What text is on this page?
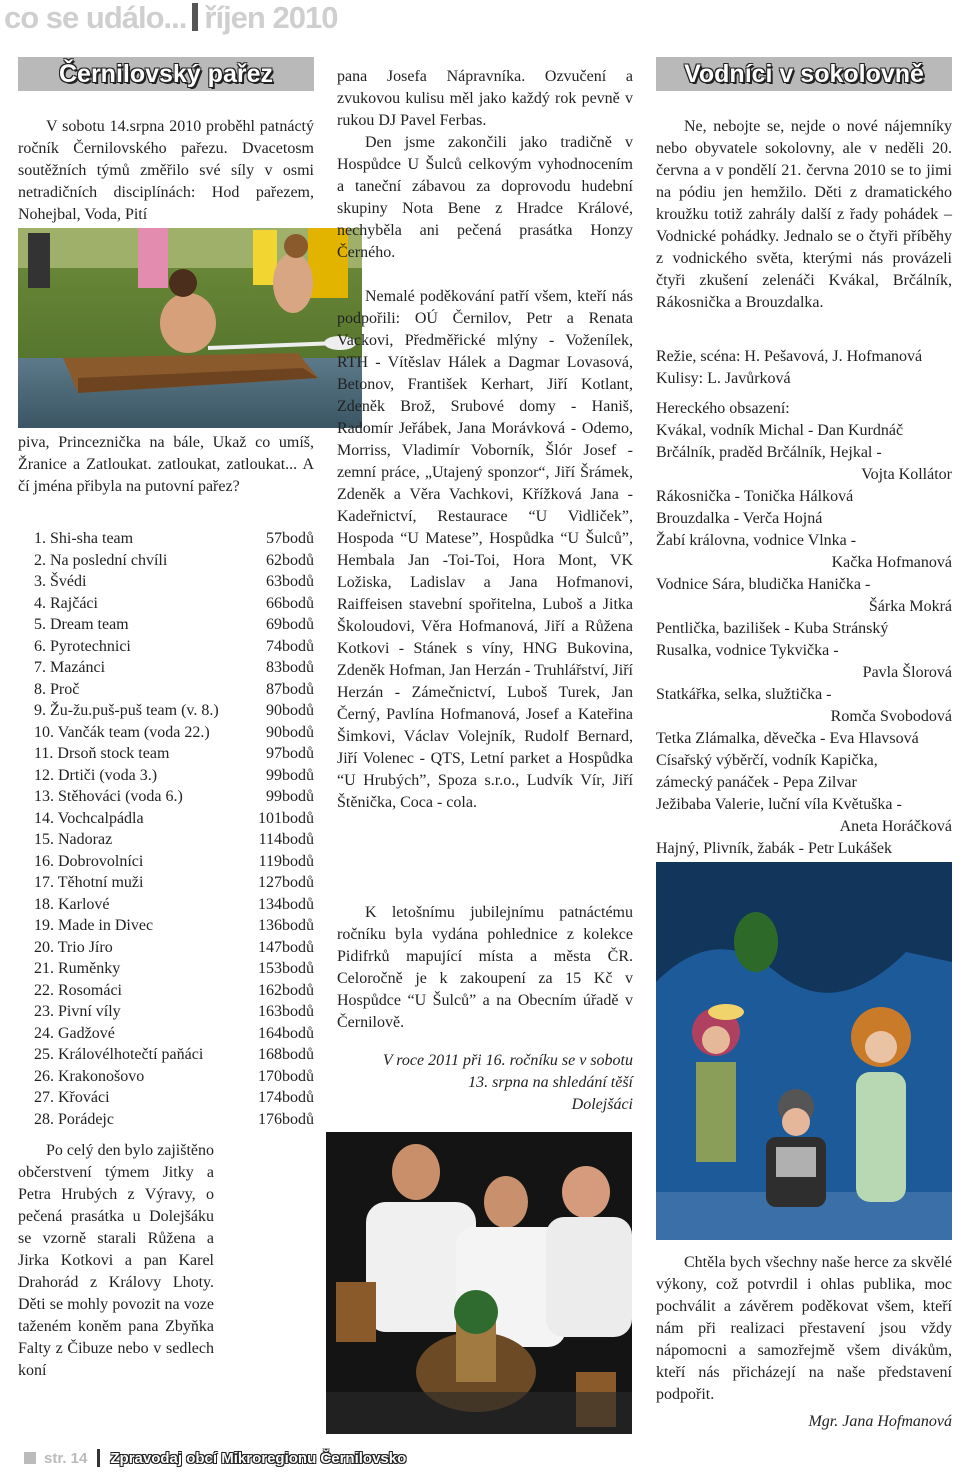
co se událo... říjen 2010
Černilovský pařez

V sobotu 14.srpna 2010 proběhl patnáctý ročník Černilovského pařezu. Dvacetosm soutěžních týmů změřilo své síly v osmi netradičních disciplínách: Hod pařezem, Nohejbal, Voda, Pití

piva, Princeznička na bále, Ukaž co umíš, Žranice a Zatloukat. zatloukat, zatloukat... A čí jména přibyla na putovní pařez?

1. Shi-sha team	57bodů
2. Na poslední chvíli	62bodů
3. Švédi	63bodů
4. Rajčáci	66bodů
5. Dream team	69bodů
6. Pyrotechnici	74bodů
7. Mazánci	83bodů
8. Proč	87bodů
9. Žu-žu.puš-puš team (v. 8.)	90bodů
10. Vančák team (voda 22.)	90bodů
11. Drsoň stock team	97bodů
12. Drtiči (voda 3.)	99bodů
13. Stěhováci (voda 6.)	99bodů
14. Vochcalpádla	101bodů
15. Nadoraz	114bodů
16. Dobrovolníci	119bodů
17. Těhotní muži	127bodů
18. Karlové	134bodů
19. Made in Divec	136bodů
20. Trio Jíro	147bodů
21. Ruměnky	153bodů
22. Rosomáci	162bodů
23. Pivní víly	163bodů
24. Gadžové	164bodů
25. Královélhotečtí paňáci	168bodů
26. Krakonošovo	170bodů
27. Křováci	174bodů
28. Porádejc	176bodů

Po celý den bylo zajištěno občerstvení týmem Jitky a Petra Hrubých z Výravy, o pečená prasátka u Dolejšáku se vzorně starali Růžena a Jirka Kotkovi a pan Karel Drahorád z Královy Lhoty. Děti se mohly povozit na voze taženém koněm pana Zbyňka Falty z Čibuze nebo v sedlech koní

pana Josefa Nápravníka. Ozvučení a zvukovou kulisu měl jako každý rok pevně v rukou DJ Pavel Ferbas.

Den jsme zakončili jako tradičně v Hospůdce U Šulců celkovým vyhodnocením a taneční zábavou za doprovodu hudební skupiny Nota Bene z Hradce Králové, nechyběla ani pečená prasátka Honzy Černého.

Nemalé poděkování patří všem, kteří nás podpořili: OÚ Černilov, Petr a Renata Vackovi, Předměřické mlýny - Voženílek, RTH - Vítěslav Hálek a Dagmar Lovasová, Betonov, František Kerhart, Jiří Kotlant, Zdeněk Brož, Srubové domy - Haniš, Radomír Jeřábek, Jana Morávková - Odemo, Morriss, Vladimír Voborník, Šlór Josef - zemní práce, „Utajený sponzor“, Jiří Šrámek, Zdeněk a Věra Vachkovi, Křížková Jana - Kadeřnictví, Restaurace “U Vidliček”, Hospoda “U Matese”, Hospůdka “U Šulců”, Hembala Jan -Toi-Toi, Hora Mont, VK Ložiska, Ladislav a Jana Hofmanovi, Raiffeisen stavební spořitelna, Luboš a Jitka Školoudovi, Věra Hofmanová, Jiří a Růžena Kotkovi - Stánek s víny, HNG Bukovina, Zdeněk Hofman, Jan Herzán - Truhlářství, Jiří Herzán - Zámečnictví, Luboš Turek, Jan Černý, Pavlína Hofmanová, Josef a Kateřina Šimkovi, Václav Volejník, Rudolf Bernard, Jiří Volenec - QTS, Letní parket a Hospůdka “U Hrubých”, Spoza s.r.o., Ludvík Vír, Jiří Štěnička, Coca - cola.

K letošnímu jubilejnímu patnáctému ročníku byla vydána pohlednice z kolekce Pidifrků mapující místa a města ČR. Celoročně je k zakoupení za 15 Kč v Hospůdce “U Šulců” a na Obecním úřadě v Černilově.

V roce 2011 při 16. ročníku se v sobotu 13. srpna na shledání těší

Dolejšáci

Vodníci v sokolovně

Ne, nebojte se, nejde o nové nájemníky nebo obyvatele sokolovny, ale v neděli 20. června a v pondělí 21. června 2010 se to jimi na pódiu jen hemžilo. Děti z dramatického kroužku totiž zahrály další z řady pohádek – Vodnické pohádky. Jednalo se o čtyři příběhy z vodnického světa, kterými nás provázeli čtyři zkušení zelenáči Kvákal, Brčálník, Rákosnička a Brouzdalka.

Režie, scéna: H. Pešavová, J. Hofmanová

Kulisy: L. Javůrková

Hereckého obsazení:

Kvákal, vodník Michal - Dan Kurdnáč
Brčálník, praděd Brčálník, Hejkal -
Vojta Kollátor
Rákosnička - Tonička Hálková
Brouzdalka - Verča Hojná
Žabí královna, vodnice Vlnka -
Kačka Hofmanová
Vodnice Sára, bludička Hanička -
Šárka Mokrá
Pentlička, bazilišek - Kuba Stránský
Rusalka, vodnice Tykvička -
Pavla Šlorová
Statkářka, selka, služtička -
Romča Svobodová
Tetka Zlámalka, děvečka - Eva Hlavsová
Císařský výběrčí, vodník Kapička,
zámecký panáček - Pepa Zilvar
Ježibaba Valerie, luční víla Květuška -
Aneta Horáčková
Hajný, Plivník, žabák - Petr Lukášek

Chtěla bych všechny naše herce za skvělé výkony, což potvrdil i ohlas publika, moc pochválit a závěrem poděkovat všem, kteří nám při realizaci přestavení jsou vždy nápomocni a samozřejmě všem divákům, kteří nás přicházejí na naše představení podpořit.

Mgr. Jana Hofmanová

str. 14 Zpravodaj obcí Mikroregionu Černilovsko
